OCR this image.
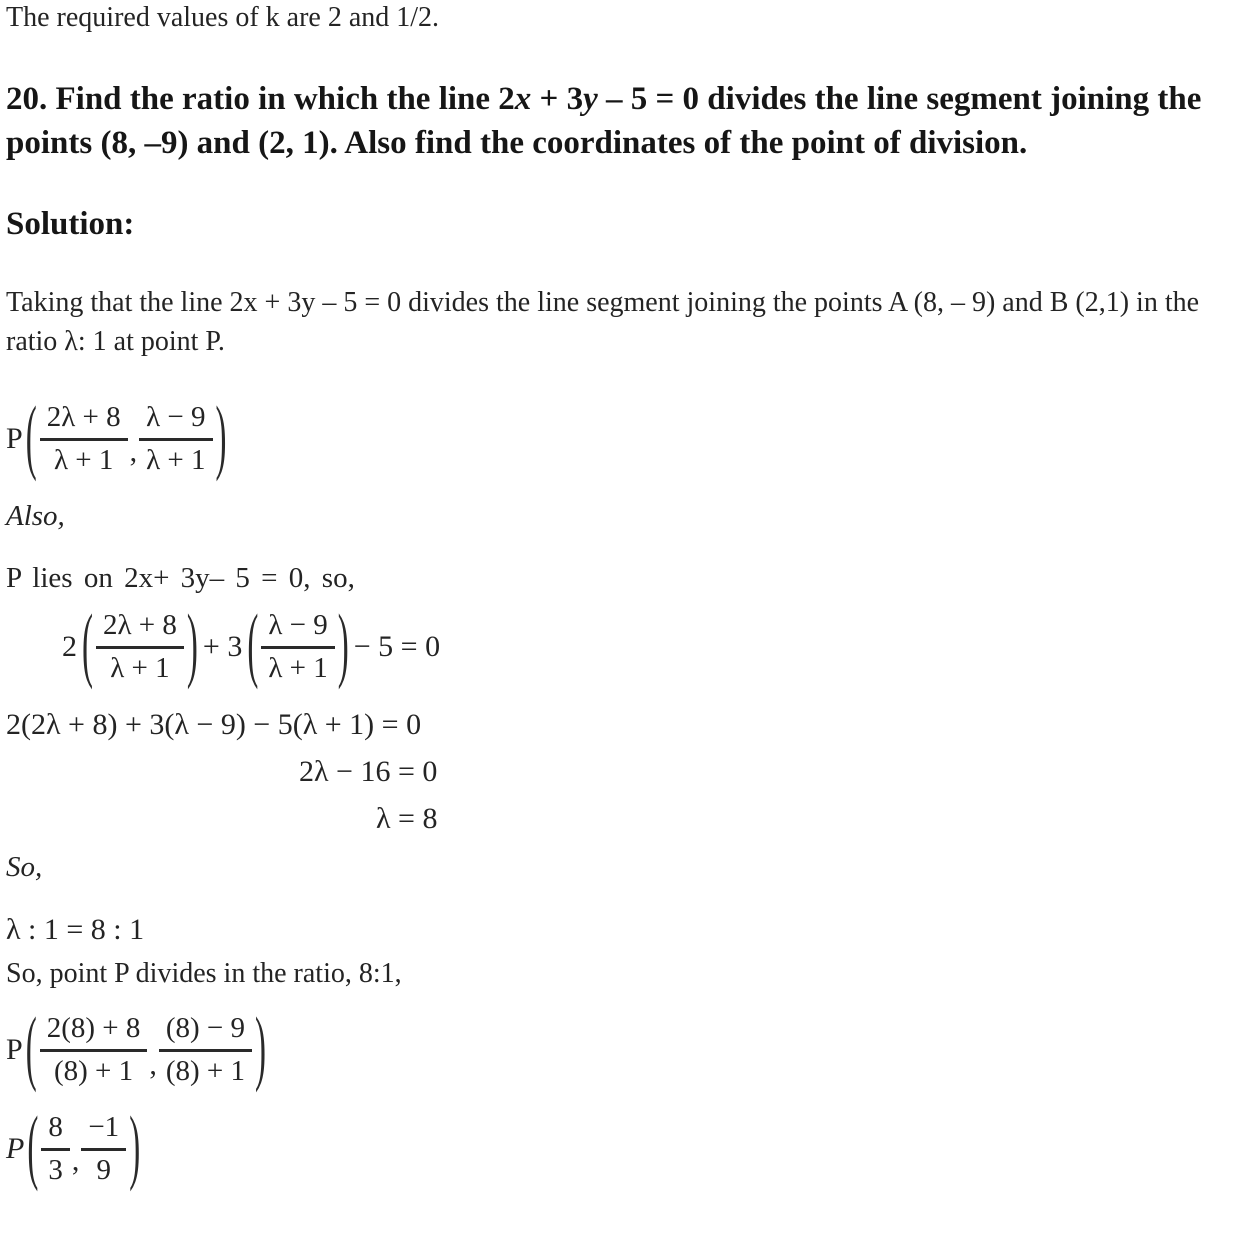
The required values of k are 2 and 1/2.

20. Find the ratio in which the line 2x + 3y – 5 = 0 divides the line segment joining the points (8, –9) and (2, 1). Also find the coordinates of the point of division.

Solution:

Taking that the line 2x + 3y – 5 = 0 divides the line segment joining the points A (8, – 9) and B (2,1) in the ratio λ: 1 at point P.

P ( $\frac{2\lambda + 8}{\lambda + 1}$ , $\frac{\lambda - 9}{\lambda + 1}$ )

Also,

P lies on 2x+ 3y– 5 = 0, so,

2 ( $\frac{2\lambda + 8}{\lambda + 1}$ ) + 3 ( $\frac{\lambda - 9}{\lambda + 1}$ ) − 5 = 0

2(2λ + 8) + 3(λ − 9) − 5(λ + 1) = 0

2λ − 16 = 0

λ = 8

So,

λ : 1 = 8 : 1

So, point P divides in the ratio, 8:1,

P ( $\frac{2(8) + 8}{(8) + 1}$ , $\frac{(8) - 9}{(8) + 1}$ )
P ( $\frac{8}{3}$ , $\frac{-1}{9}$ )
